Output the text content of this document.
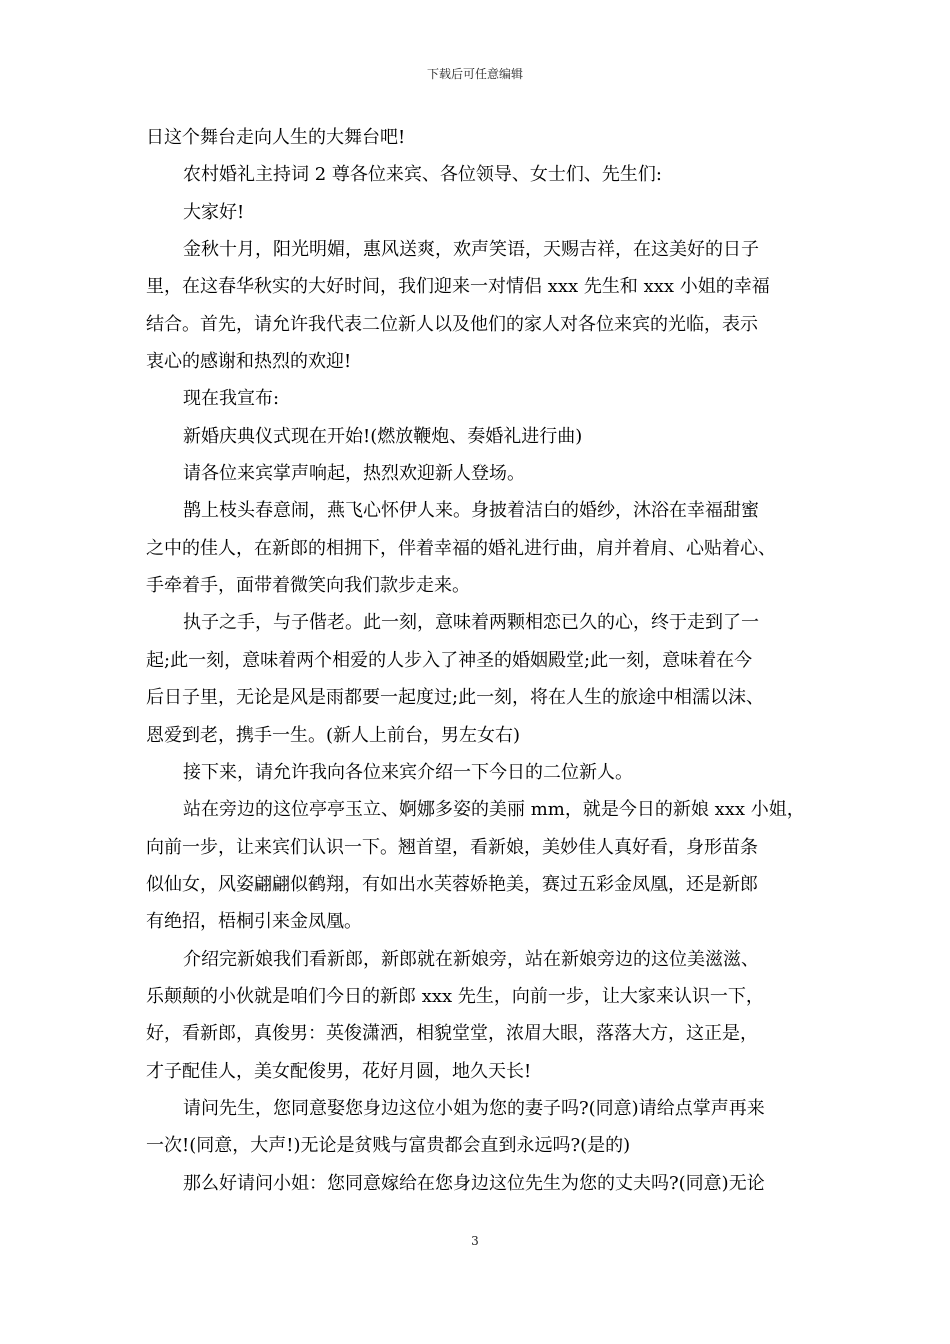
下载后可任意编辑
日这个舞台走向人生的大舞台吧!
农村婚礼主持词 2 尊各位来宾、各位领导、女士们、先生们:
大家好!
金秋十月，阳光明媚，惠风送爽，欢声笑语，天赐吉祥，在这美好的日子
里，在这春华秋实的大好时间，我们迎来一对情侣 xxx 先生和 xxx 小姐的幸福
结合。首先，请允许我代表二位新人以及他们的家人对各位来宾的光临，表示
衷心的感谢和热烈的欢迎!
现在我宣布:
新婚庆典仪式现在开始!(燃放鞭炮、奏婚礼进行曲)
请各位来宾掌声响起，热烈欢迎新人登场。
鹊上枝头春意闹，燕飞心怀伊人来。身披着洁白的婚纱，沐浴在幸福甜蜜
之中的佳人，在新郎的相拥下，伴着幸福的婚礼进行曲，肩并着肩、心贴着心、
手牵着手，面带着微笑向我们款步走来。
执子之手，与子偕老。此一刻，意味着两颗相恋已久的心，终于走到了一
起;此一刻，意味着两个相爱的人步入了神圣的婚姻殿堂;此一刻，意味着在今
后日子里，无论是风是雨都要一起度过;此一刻，将在人生的旅途中相濡以沫、
恩爱到老，携手一生。(新人上前台，男左女右)
接下来，请允许我向各位来宾介绍一下今日的二位新人。
站在旁边的这位亭亭玉立、婀娜多姿的美丽 mm，就是今日的新娘 xxx 小姐，
向前一步，让来宾们认识一下。翘首望，看新娘，美妙佳人真好看，身形苗条
似仙女，风姿翩翩似鹤翔，有如出水芙蓉娇艳美，赛过五彩金凤凰，还是新郎
有绝招，梧桐引来金凤凰。
介绍完新娘我们看新郎，新郎就在新娘旁，站在新娘旁边的这位美滋滋、
乐颠颠的小伙就是咱们今日的新郎 xxx 先生，向前一步，让大家来认识一下，
好，看新郎，真俊男：英俊潇洒，相貌堂堂，浓眉大眼，落落大方，这正是，
才子配佳人，美女配俊男，花好月圆，地久天长!
请问先生，您同意娶您身边这位小姐为您的妻子吗?(同意)请给点掌声再来
一次!(同意，大声!)无论是贫贱与富贵都会直到永远吗?(是的)
那么好请问小姐：您同意嫁给在您身边这位先生为您的丈夫吗?(同意)无论
3
